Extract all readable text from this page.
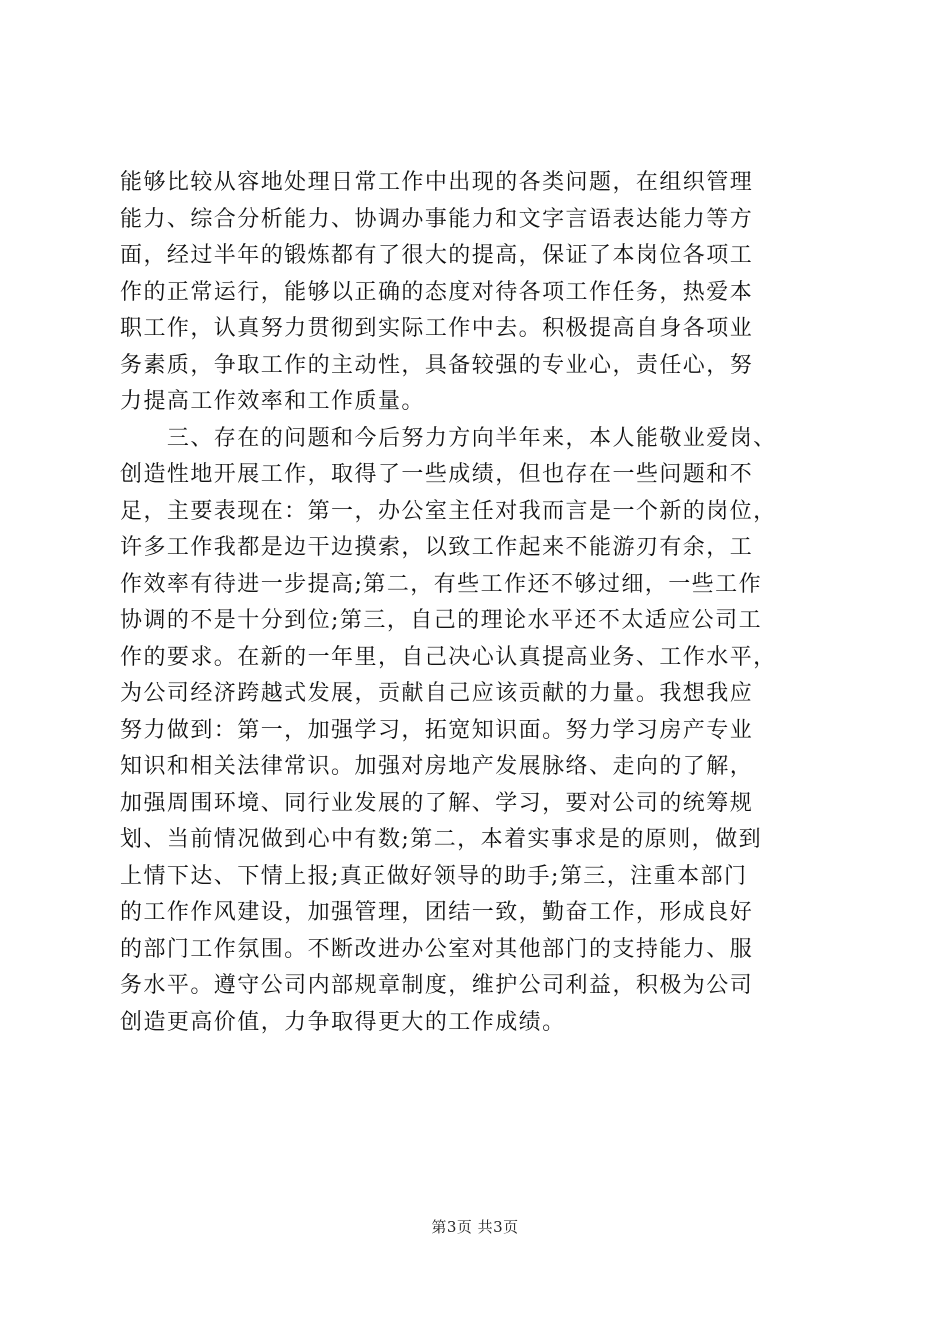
能够比较从容地处理日常工作中出现的各类问题，在组织管理
能力、综合分析能力、协调办事能力和文字言语表达能力等方
面，经过半年的锻炼都有了很大的提高，保证了本岗位各项工
作的正常运行，能够以正确的态度对待各项工作任务，热爱本
职工作，认真努力贯彻到实际工作中去。积极提高自身各项业
务素质，争取工作的主动性，具备较强的专业心，责任心，努
力提高工作效率和工作质量。
　　三、存在的问题和今后努力方向半年来，本人能敬业爱岗、
创造性地开展工作，取得了一些成绩，但也存在一些问题和不
足，主要表现在：第一，办公室主任对我而言是一个新的岗位，
许多工作我都是边干边摸索，以致工作起来不能游刃有余，工
作效率有待进一步提高;第二，有些工作还不够过细，一些工作
协调的不是十分到位;第三，自己的理论水平还不太适应公司工
作的要求。在新的一年里，自己决心认真提高业务、工作水平，
为公司经济跨越式发展，贡献自己应该贡献的力量。我想我应
努力做到：第一，加强学习，拓宽知识面。努力学习房产专业
知识和相关法律常识。加强对房地产发展脉络、走向的了解，
加强周围环境、同行业发展的了解、学习，要对公司的统筹规
划、当前情况做到心中有数;第二，本着实事求是的原则，做到
上情下达、下情上报;真正做好领导的助手;第三，注重本部门
的工作作风建设，加强管理，团结一致，勤奋工作，形成良好
的部门工作氛围。不断改进办公室对其他部门的支持能力、服
务水平。遵守公司内部规章制度，维护公司利益，积极为公司
创造更高价值，力争取得更大的工作成绩。
第3页 共3页
